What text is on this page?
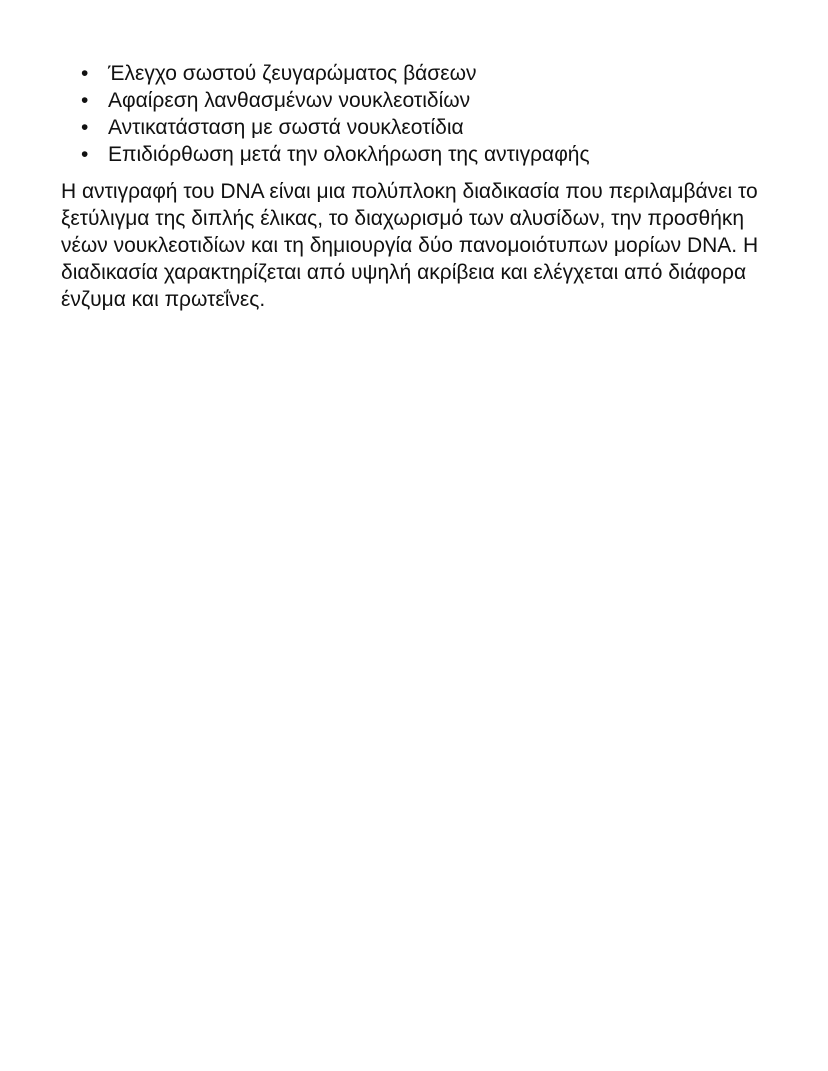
• Έλεγχο σωστού ζευγαρώματος βάσεων
• Αφαίρεση λανθασμένων νουκλεοτιδίων
• Αντικατάσταση με σωστά νουκλεοτίδια
• Επιδιόρθωση μετά την ολοκλήρωση της αντιγραφής

Η αντιγραφή του DNA είναι μια πολύπλοκη διαδικασία που περιλαμβάνει το ξετύλιγμα της διπλής έλικας, το διαχωρισμό των αλυσίδων, την προσθήκη νέων νουκλεοτιδίων και τη δημιουργία δύο πανομοιότυπων μορίων DNA. Η διαδικασία χαρακτηρίζεται από υψηλή ακρίβεια και ελέγχεται από διάφορα ένζυμα και πρωτεΐνες.
